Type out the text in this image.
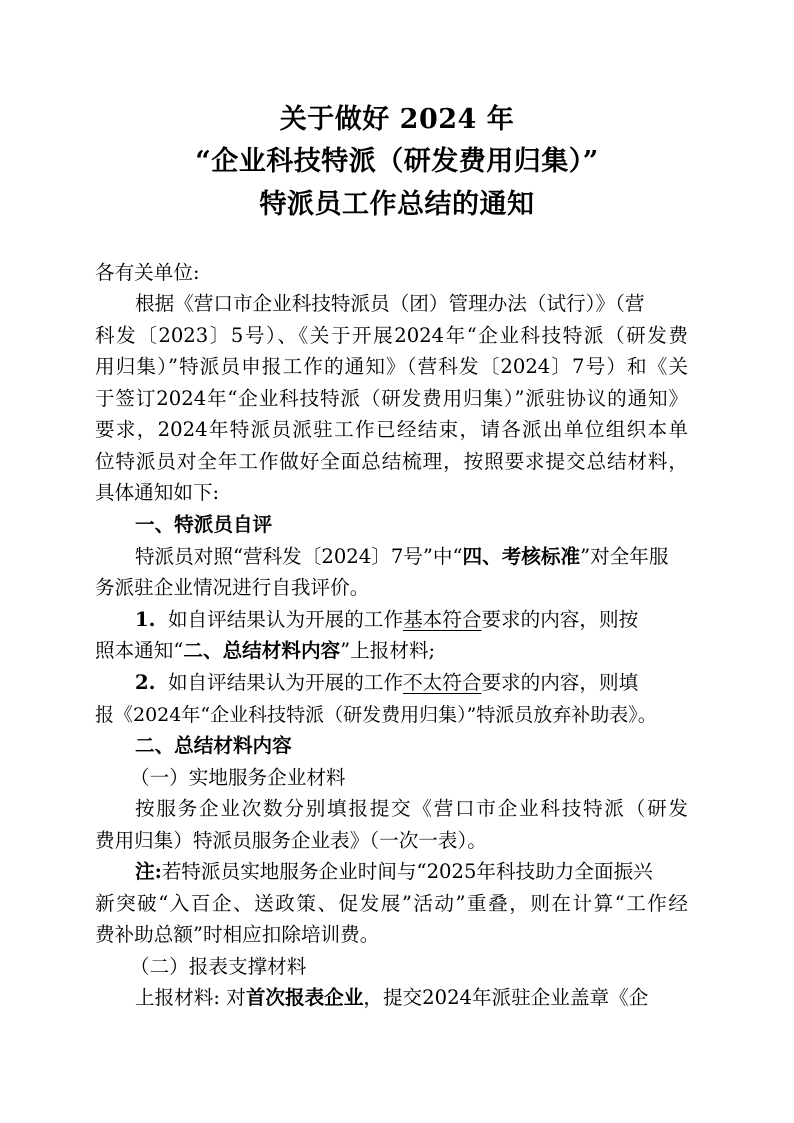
关于做好 2024 年
“企业科技特派（研发费用归集）”
特派员工作总结的通知
各有关单位:
根据《营口市企业科技特派员（团）管理办法（试行）》（营
科发〔2023〕5号）、《关于开展2024年“企业科技特派（研发费
用归集）”特派员申报工作的通知》（营科发〔2024〕7号）和《关
于签订2024年“企业科技特派（研发费用归集）”派驻协议的通知》
要求，2024年特派员派驻工作已经结束，请各派出单位组织本单
位特派员对全年工作做好全面总结梳理，按照要求提交总结材料，
具体通知如下:
一、特派员自评
特派员对照“营科发〔2024〕7号”中“四、考核标准”对全年服
务派驻企业情况进行自我评价。
1. 如自评结果认为开展的工作基本符合要求的内容，则按
照本通知“二、总结材料内容”上报材料;
2. 如自评结果认为开展的工作不太符合要求的内容，则填
报《2024年“企业科技特派（研发费用归集）”特派员放弃补助表》。
二、总结材料内容
（一）实地服务企业材料
按服务企业次数分别填报提交《营口市企业科技特派（研发
费用归集）特派员服务企业表》（一次一表）。
注:若特派员实地服务企业时间与“2025年科技助力全面振兴
新突破“入百企、送政策、促发展”活动”重叠，则在计算“工作经
费补助总额”时相应扣除培训费。
（二）报表支撑材料
上报材料: 对首次报表企业，提交2024年派驻企业盖章《企
